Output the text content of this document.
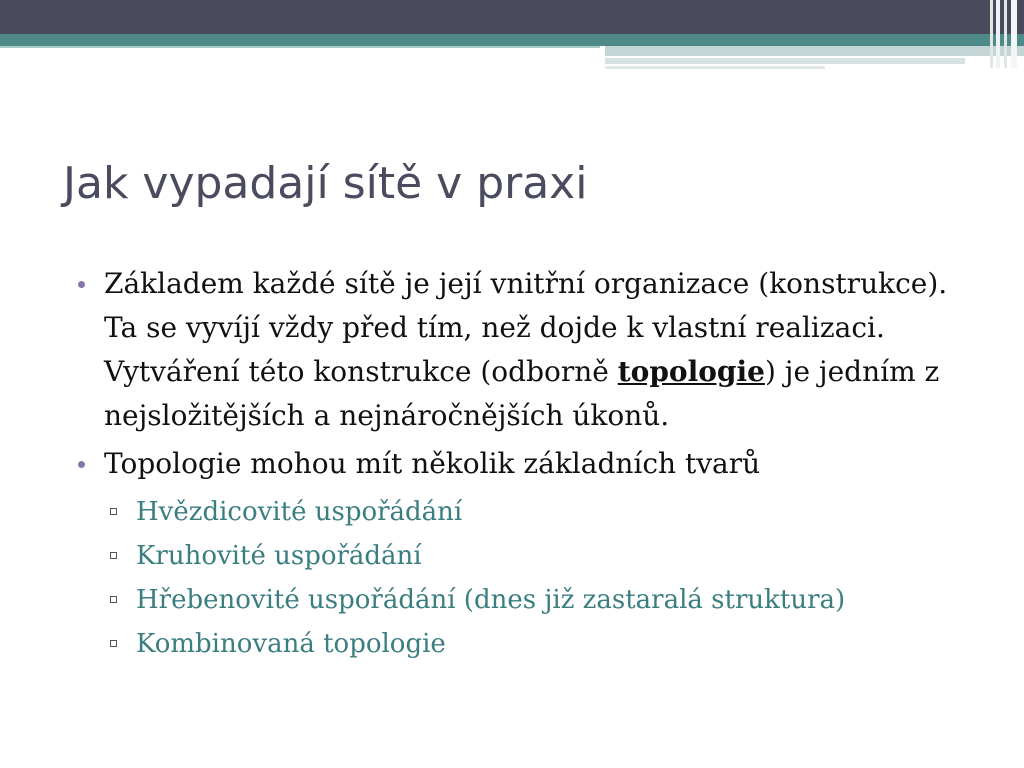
Jak vypadají sítě v praxi
Základem každé sítě je její vnitřní organizace (konstrukce). Ta se vyvíjí vždy před tím, než dojde k vlastní realizaci. Vytváření této konstrukce (odborně topologie) je jedním z nejsložitějších a nejnáročnějších úkonů.
Topologie mohou mít několik základních tvarů
Hvězdicovité uspořádání
Kruhovité uspořádání
Hřebenovité uspořádání (dnes již zastaralá struktura)
Kombinovaná topologie
